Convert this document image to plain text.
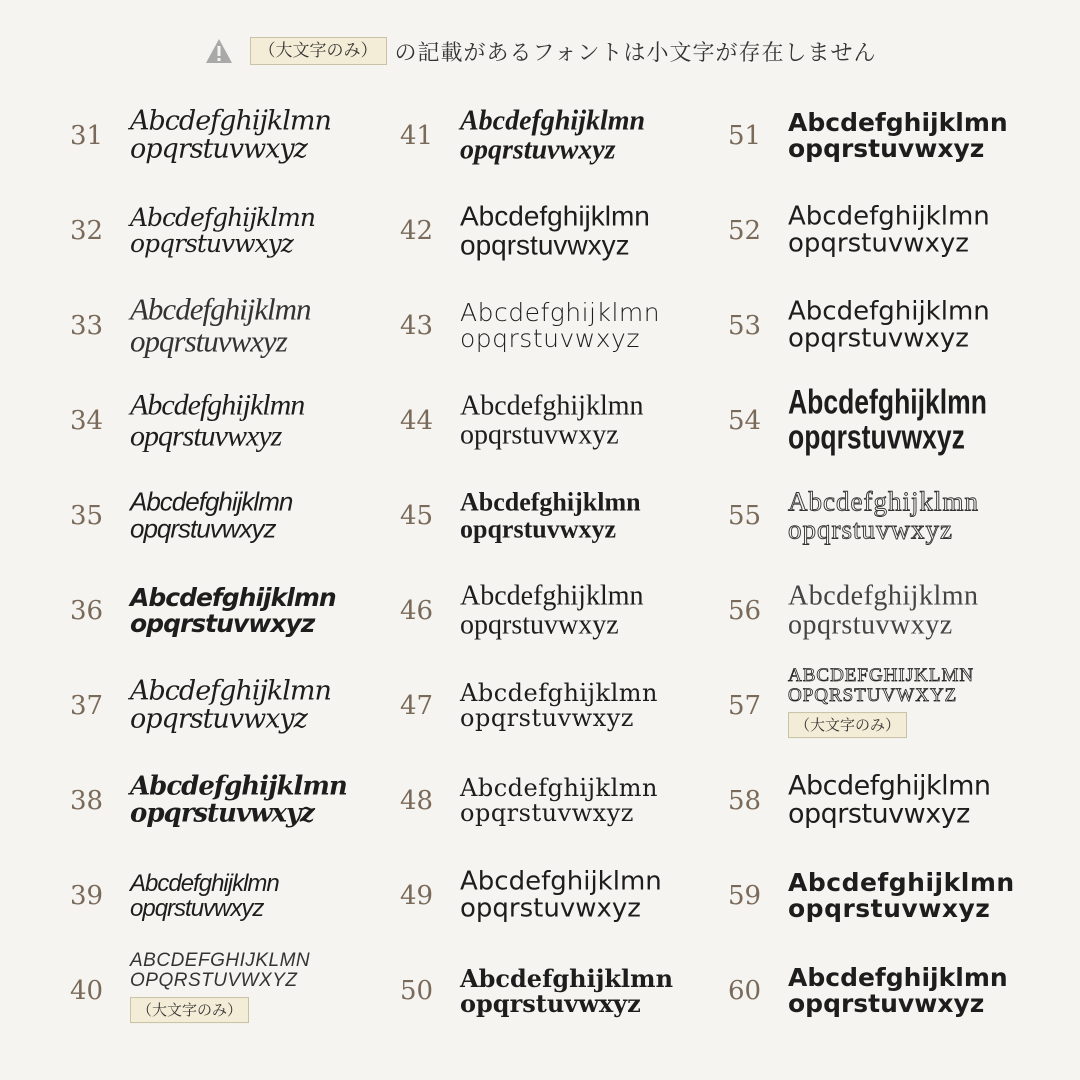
（大文字のみ） の記載があるフォントは小文字が存在しません
31 Abcdefghijklmn
opqrstuvwxyz
32	Abcdefghijklmn
opqrstuvwxyz
33 Abcdefghijklmn
opqrstuvwxyz
34 Abcdefghijklmn
opqrstuvwxyz
35	Abcdefghijklmn
opqrstuvwxyz
36	Abcdefghijklmn
opqrstuvwxyz
37 Abcdefghijklmn
opqrstuvwxyz
38	Abcdefghijklmn
opqrstuvwxyz
39	Abcdefghijklmn
opqrstuvwxyz
40
ABCDEFGHIJKLMN
OPQRSTUVWXYZ
（大文字のみ）
41 Abcdefghijklmn
opqrstuvwxyz
42 Abcdefghijklmn
opqrstuvwxyz
43	Abcdefghijklmn
opqrstuvwxyz
44 Abcdefghijklmn
opqrstuvwxyz
45	Abcdefghijklmn
opqrstuvwxyz
46 Abcdefghijklmn
opqrstuvwxyz
47	Abcdefghijklmn
opqrstuvwxyz
48	Abcdefghijklmn
opqrstuvwxyz
49	Abcdefghijklmn
opqrstuvwxyz
50	Abcdefghijklmn
opqrstuvwxyz
51	Abcdefghijklmn
opqrstuvwxyz
52	Abcdefghijklmn
opqrstuvwxyz
53	Abcdefghijklmn
opqrstuvwxyz
54 Abcdefghijklmn
opqrstuvwxyz
55 Abcdefghijklmn
opqrstuvwxyz
56 Abcdefghijklmn
opqrstuvwxyz
57
ABCDEFGHIJKLMN
OPQRSTUVWXYZ
（大文字のみ）
58 Abcdefghijklmn
opqrstuvwxyz
59	Abcdefghijklmn
opqrstuvwxyz
60	Abcdefghijklmn
opqrstuvwxyz
